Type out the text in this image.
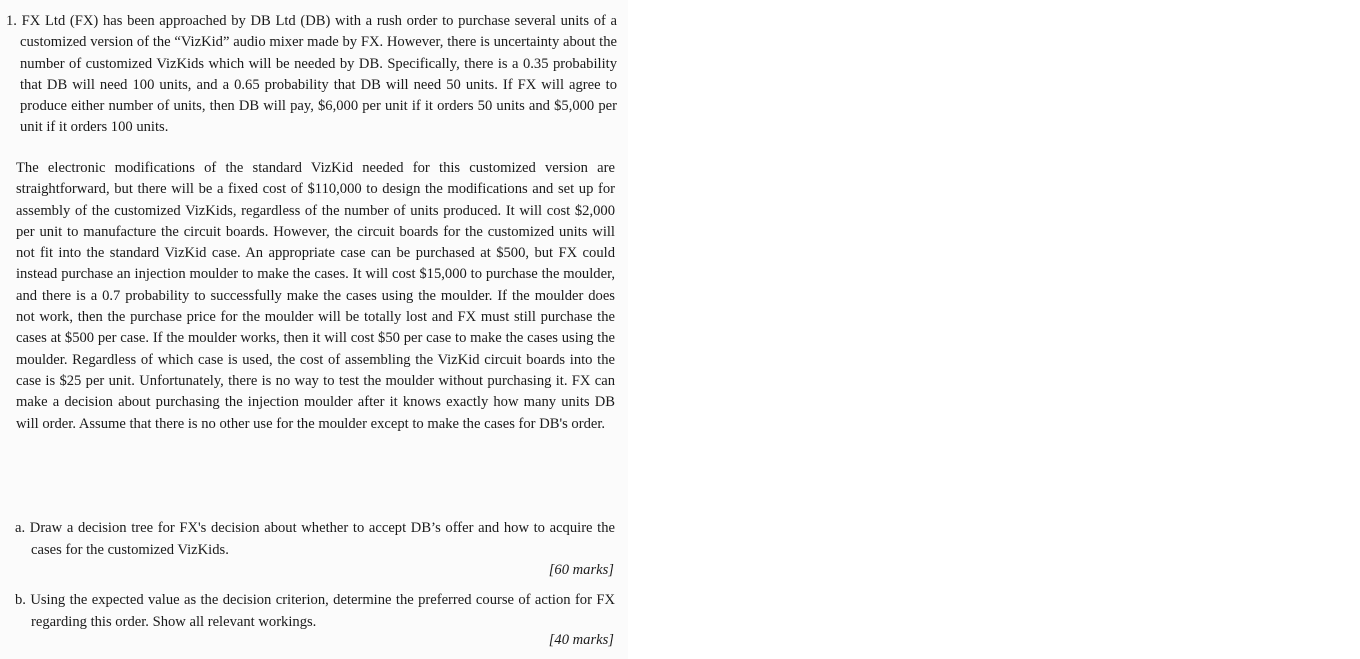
1. FX Ltd (FX) has been approached by DB Ltd (DB) with a rush order to purchase several units of a customized version of the “VizKid” audio mixer made by FX. However, there is uncertainty about the number of customized VizKids which will be needed by DB. Specifically, there is a 0.35 probability that DB will need 100 units, and a 0.65 probability that DB will need 50 units. If FX will agree to produce either number of units, then DB will pay, $6,000 per unit if it orders 50 units and $5,000 per unit if it orders 100 units.

The electronic modifications of the standard VizKid needed for this customized version are straightforward, but there will be a fixed cost of $110,000 to design the modifications and set up for assembly of the customized VizKids, regardless of the number of units produced. It will cost $2,000 per unit to manufacture the circuit boards. However, the circuit boards for the customized units will not fit into the standard VizKid case. An appropriate case can be purchased at $500, but FX could instead purchase an injection moulder to make the cases. It will cost $15,000 to purchase the moulder, and there is a 0.7 probability to successfully make the cases using the moulder. If the moulder does not work, then the purchase price for the moulder will be totally lost and FX must still purchase the cases at $500 per case. If the moulder works, then it will cost $50 per case to make the cases using the moulder. Regardless of which case is used, the cost of assembling the VizKid circuit boards into the case is $25 per unit. Unfortunately, there is no way to test the moulder without purchasing it. FX can make a decision about purchasing the injection moulder after it knows exactly how many units DB will order. Assume that there is no other use for the moulder except to make the cases for DB's order.

a. Draw a decision tree for FX's decision about whether to accept DB’s offer and how to acquire the cases for the customized VizKids.

[60 marks]

b. Using the expected value as the decision criterion, determine the preferred course of action for FX regarding this order. Show all relevant workings.

[40 marks]
